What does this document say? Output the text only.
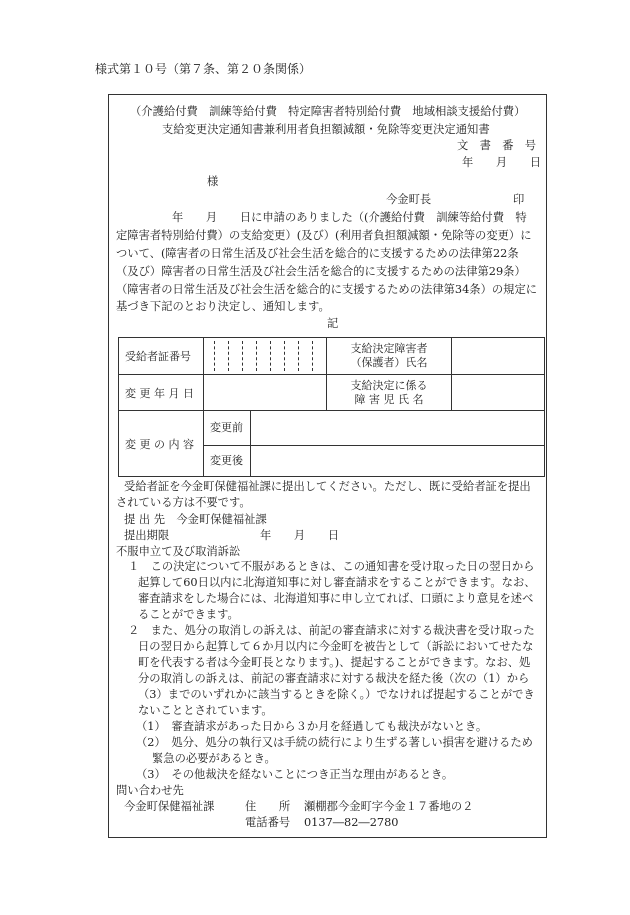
様式第１０号（第７条、第２０条関係）
（介護給付費　訓練等給付費　特定障害者特別給付費　地域相談支援給付費）
支給変更決定通知書兼利用者負担額減額・免除等変更決定通知書
文　書　番　号
年　　月　　日
様
今金町長	印
年　　月　　日に申請のありました（(介護給付費　訓練等給付費　特
定障害者特別給付費）の支給変更）(及び）(利用者負担額減額・免除等の変更）に
ついて、(障害者の日常生活及び社会生活を総合的に支援するための法律第22条
（及び）障害者の日常生活及び社会生活を総合的に支援するための法律第29条）
（障害者の日常生活及び社会生活を総合的に支援するための法律第34条）の規定に
基づき下記のとおり決定し、通知します。
記
受給者証番号		支給決定障害者
（保護者）氏名	

変 更 年 月 日		支給決定に係る
障 害 児 氏 名	

変 更 の 内 容	変更前		
	変更後		
受給者証を今金町保健福祉課に提出してください。ただし、既に受給者証を提出
されている方は不要です。
提 出 先　今金町保健福祉課
提出期限	年　　月　　日
不服申立て及び取消訴訟
１　この決定について不服があるときは、この通知書を受け取った日の翌日から
起算して60日以内に北海道知事に対し審査請求をすることができます。なお、
審査請求をした場合には、北海道知事に申し立てれば、口頭により意見を述べ
ることができます。
２　また、処分の取消しの訴えは、前記の審査請求に対する裁決書を受け取った
日の翌日から起算して６か月以内に今金町を被告として（訴訟においてせたな
町を代表する者は今金町長となります。)、提起することができます。なお、処
分の取消しの訴えは、前記の審査請求に対する裁決を経た後（次の（1）から
（3）までのいずれかに該当するときを除く。）でなければ提起することができ
ないこととされています。
（1）　審査請求があった日から３か月を経過しても裁決がないとき。
（2）　処分、処分の執行又は手続の続行により生ずる著しい損害を避けるため
緊急の必要があるとき。
（3）　その他裁決を経ないことにつき正当な理由があるとき。
問い合わせ先
今金町保健福祉課	住　　所 瀬棚郡今金町字今金１７番地の２
電話番号 0137―82―2780
